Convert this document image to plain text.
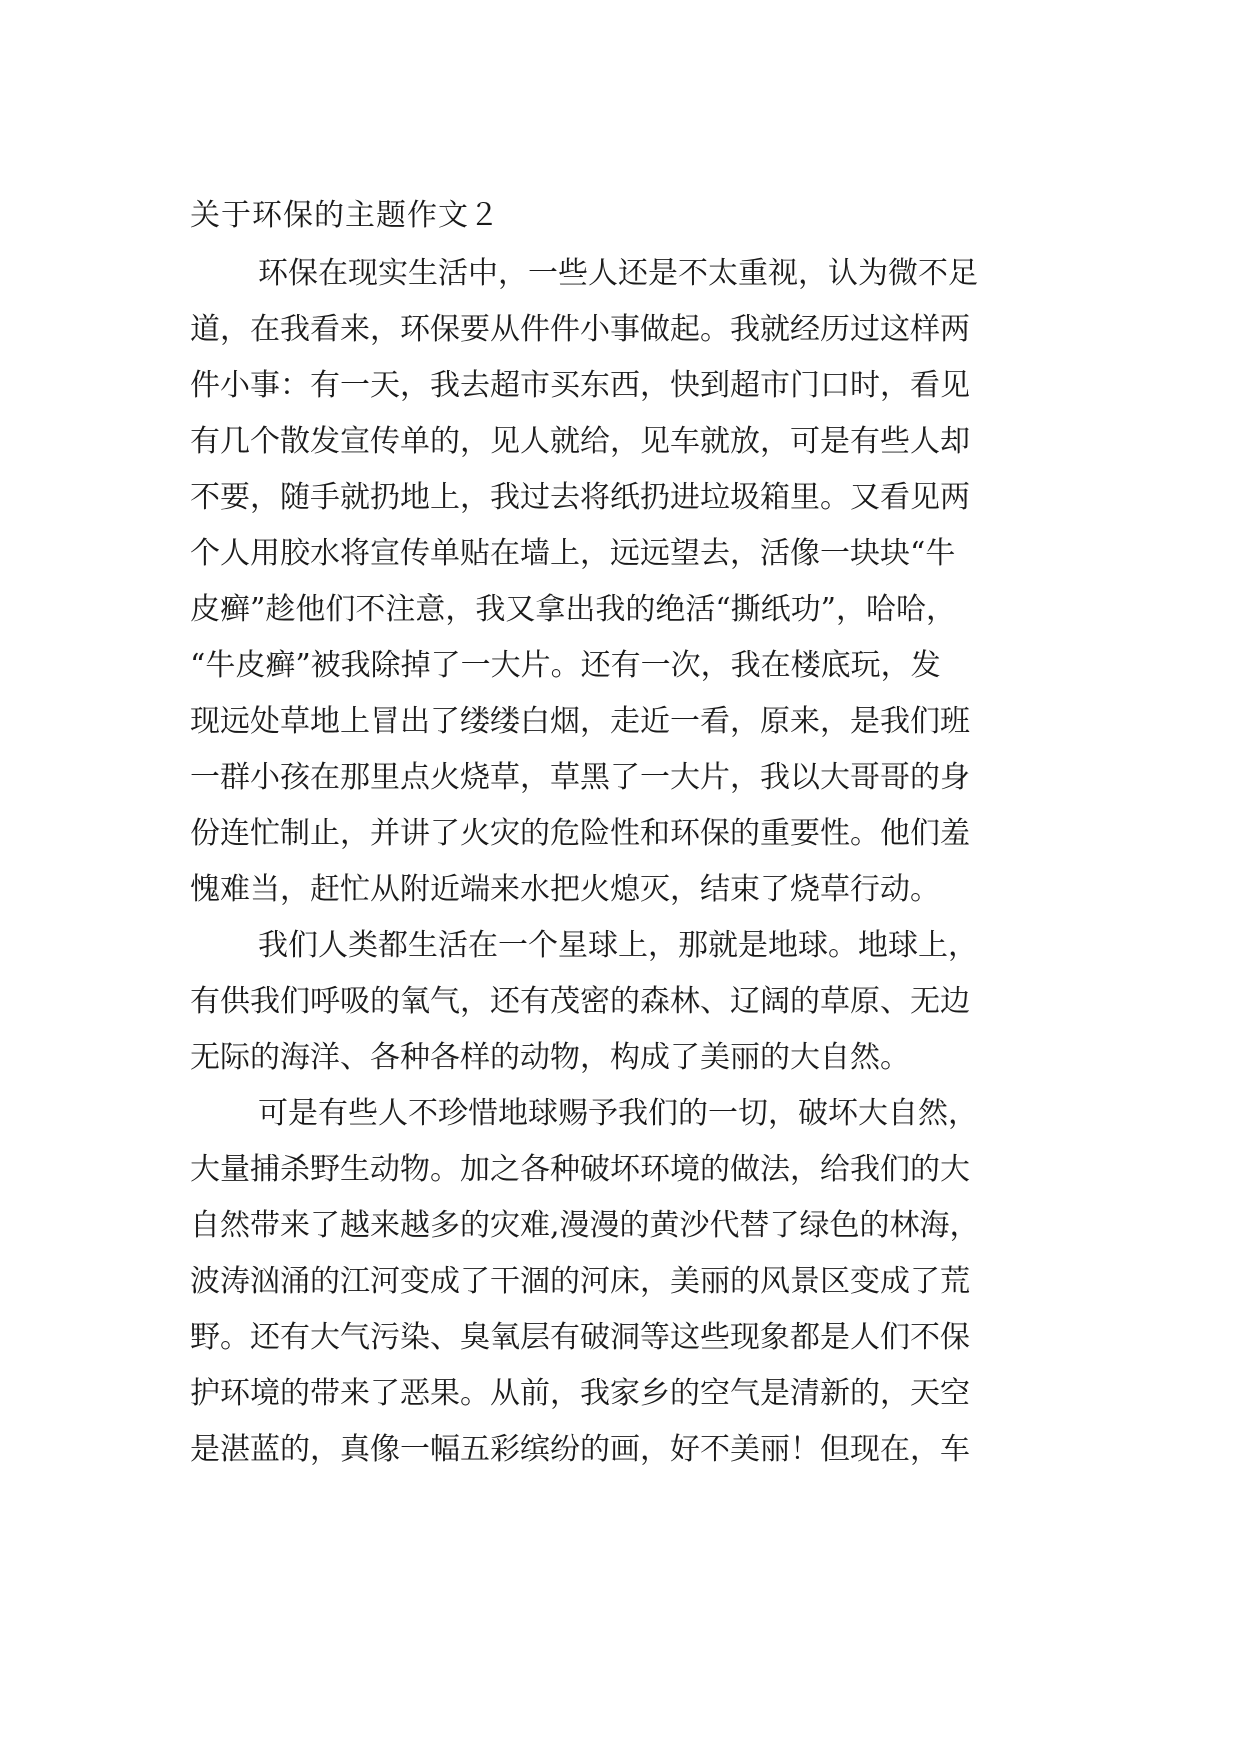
关于环保的主题作文２
环保在现实生活中，一些人还是不太重视，认为微不足
道，在我看来，环保要从件件小事做起。我就经历过这样两
件小事：有一天，我去超市买东西，快到超市门口时，看见
有几个散发宣传单的，见人就给，见车就放，可是有些人却
不要，随手就扔地上，我过去将纸扔进垃圾箱里。又看见两
个人用胶水将宣传单贴在墙上，远远望去，活像一块块“牛
皮癣”趁他们不注意，我又拿出我的绝活“撕纸功”，哈哈，
“牛皮癣”被我除掉了一大片。还有一次，我在楼底玩，发
现远处草地上冒出了缕缕白烟，走近一看，原来，是我们班
一群小孩在那里点火烧草，草黑了一大片，我以大哥哥的身
份连忙制止，并讲了火灾的危险性和环保的重要性。他们羞
愧难当，赶忙从附近端来水把火熄灭，结束了烧草行动。
我们人类都生活在一个星球上，那就是地球。地球上，
有供我们呼吸的氧气，还有茂密的森林、辽阔的草原、无边
无际的海洋、各种各样的动物，构成了美丽的大自然。
可是有些人不珍惜地球赐予我们的一切，破坏大自然，
大量捕杀野生动物。加之各种破坏环境的做法，给我们的大
自然带来了越来越多的灾难,漫漫的黄沙代替了绿色的林海，
波涛汹涌的江河变成了干涸的河床，美丽的风景区变成了荒
野。还有大气污染、臭氧层有破洞等这些现象都是人们不保
护环境的带来了恶果。从前，我家乡的空气是清新的，天空
是湛蓝的，真像一幅五彩缤纷的画，好不美丽！但现在，车
